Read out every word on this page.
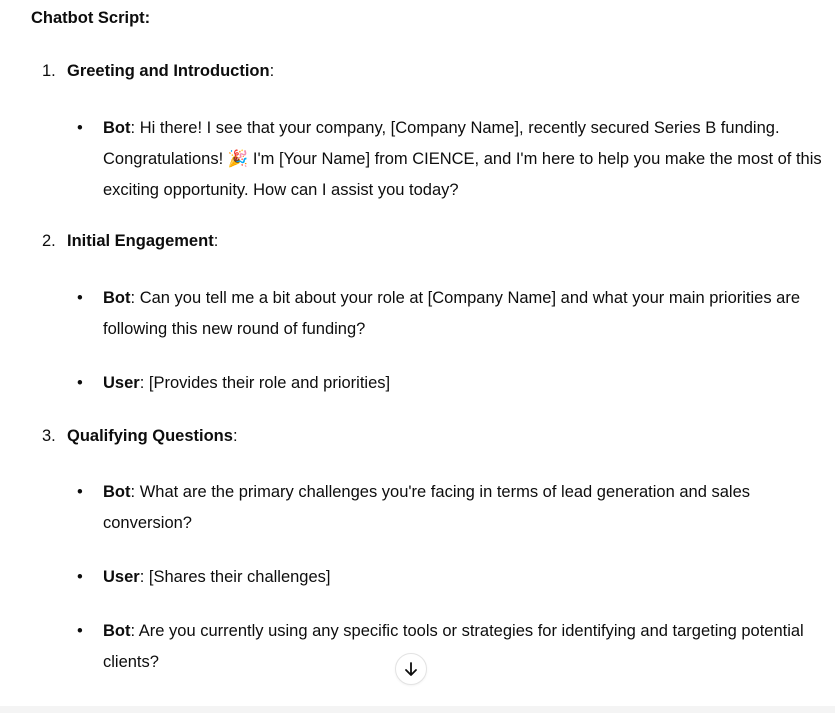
Chatbot Script:
1. Greeting and Introduction:
• Bot: Hi there! I see that your company, [Company Name], recently secured Series B funding. Congratulations! 🎉 I'm [Your Name] from CIENCE, and I'm here to help you make the most of this exciting opportunity. How can I assist you today?
2. Initial Engagement:
• Bot: Can you tell me a bit about your role at [Company Name] and what your main priorities are following this new round of funding?
• User: [Provides their role and priorities]
3. Qualifying Questions:
• Bot: What are the primary challenges you're facing in terms of lead generation and sales conversion?
• User: [Shares their challenges]
• Bot: Are you currently using any specific tools or strategies for identifying and targeting potential clients?
